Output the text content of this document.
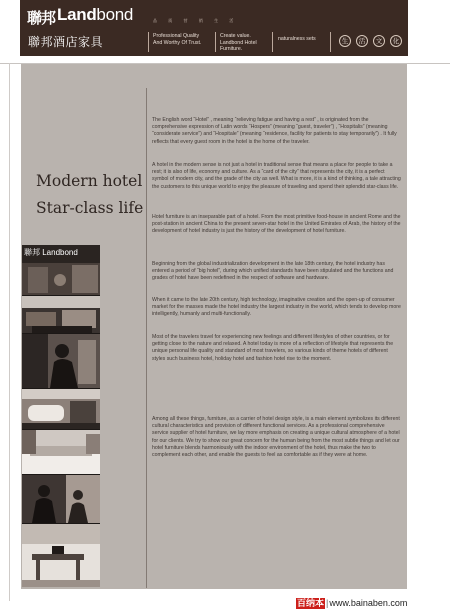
聯邦 Landbond
聯邦酒店家具
品 质 营 销 生 活
Professional Quality
And Worthy Of Trust.
Create value.
Landbond Hotel
Furniture.
naturalness sets	生	活	文	化
Modern hotel
Star-class life
The English word “Hotel” , meaning “relieving fatigue and having a rest” , is originated from the comprehensive expression of Latin words “Hospers” (meaning “guest, traveler”) , “Hospitalis” (meaning “considerate service”) and “Hospitale” (meaning “residence, facility for patients to stay temporarily”) . It fully reflects that every guest room in the hotel is the home of the traveler.
A hotel in the modern sense is not just a hotel in traditional sense that means a place for people to take a rest; it is also of life, economy and culture. As a “card of the city” that represents the city, it is a perfect symbol of modern city, and the grade of the city as well. What is more, it is a kind of thinking, a tale attracting the customers to this unique world to enjoy the pleasure of traveling and spend their splendid star-class life.
Hotel furniture is an inseparable part of a hotel. From the most primitive food-house in ancient Rome and the post-station in ancient China to the present seven-star hotel in the United Emirates of Arab, the history of the development of hotel industry is just the history of the development of hotel furniture.
Beginning from the global industrialization development in the late 18th century, the hotel industry has entered a period of “big hotel”, during which unified standards have been stipulated and the functions and grades of hotel have been redefined in the respect of software and hardware.
When it came to the late 20th century, high technology, imaginative creation and the open-up of consumer market for the masses made the hotel industry the largest industry in the world, which tends to develop more intelligently, humanly and multi-functionally.
Most of the travelers travel for experiencing new feelings and different lifestyles of other countries, or for getting close to the nature and relaxed. A hotel today is more of a reflection of lifestyle that represents the unique personal life quality and standard of most travelers, so various kinds of theme hotels of different styles such business hotel, holiday hotel and fashion hotel rise to the moment.
Among all these things, furniture, as a carrier of hotel design style, is a main element symbolizes its different cultural characteristics and provision of different functional services. As a professional comprehensive service supplier of hotel furniture, we lay more emphasis on creating a unique cultural atmosphere of a hotel for our clients. We try to show our great concern for the human being from the most subtle things and let our hotel furniture blends harmoniously with the indoor environment of the hotel, thus make the two to complement each other, and enable the guests to feel as comfortable as if they were at home.
聯邦 Landbond
百纳本 |www.bainaben.com
